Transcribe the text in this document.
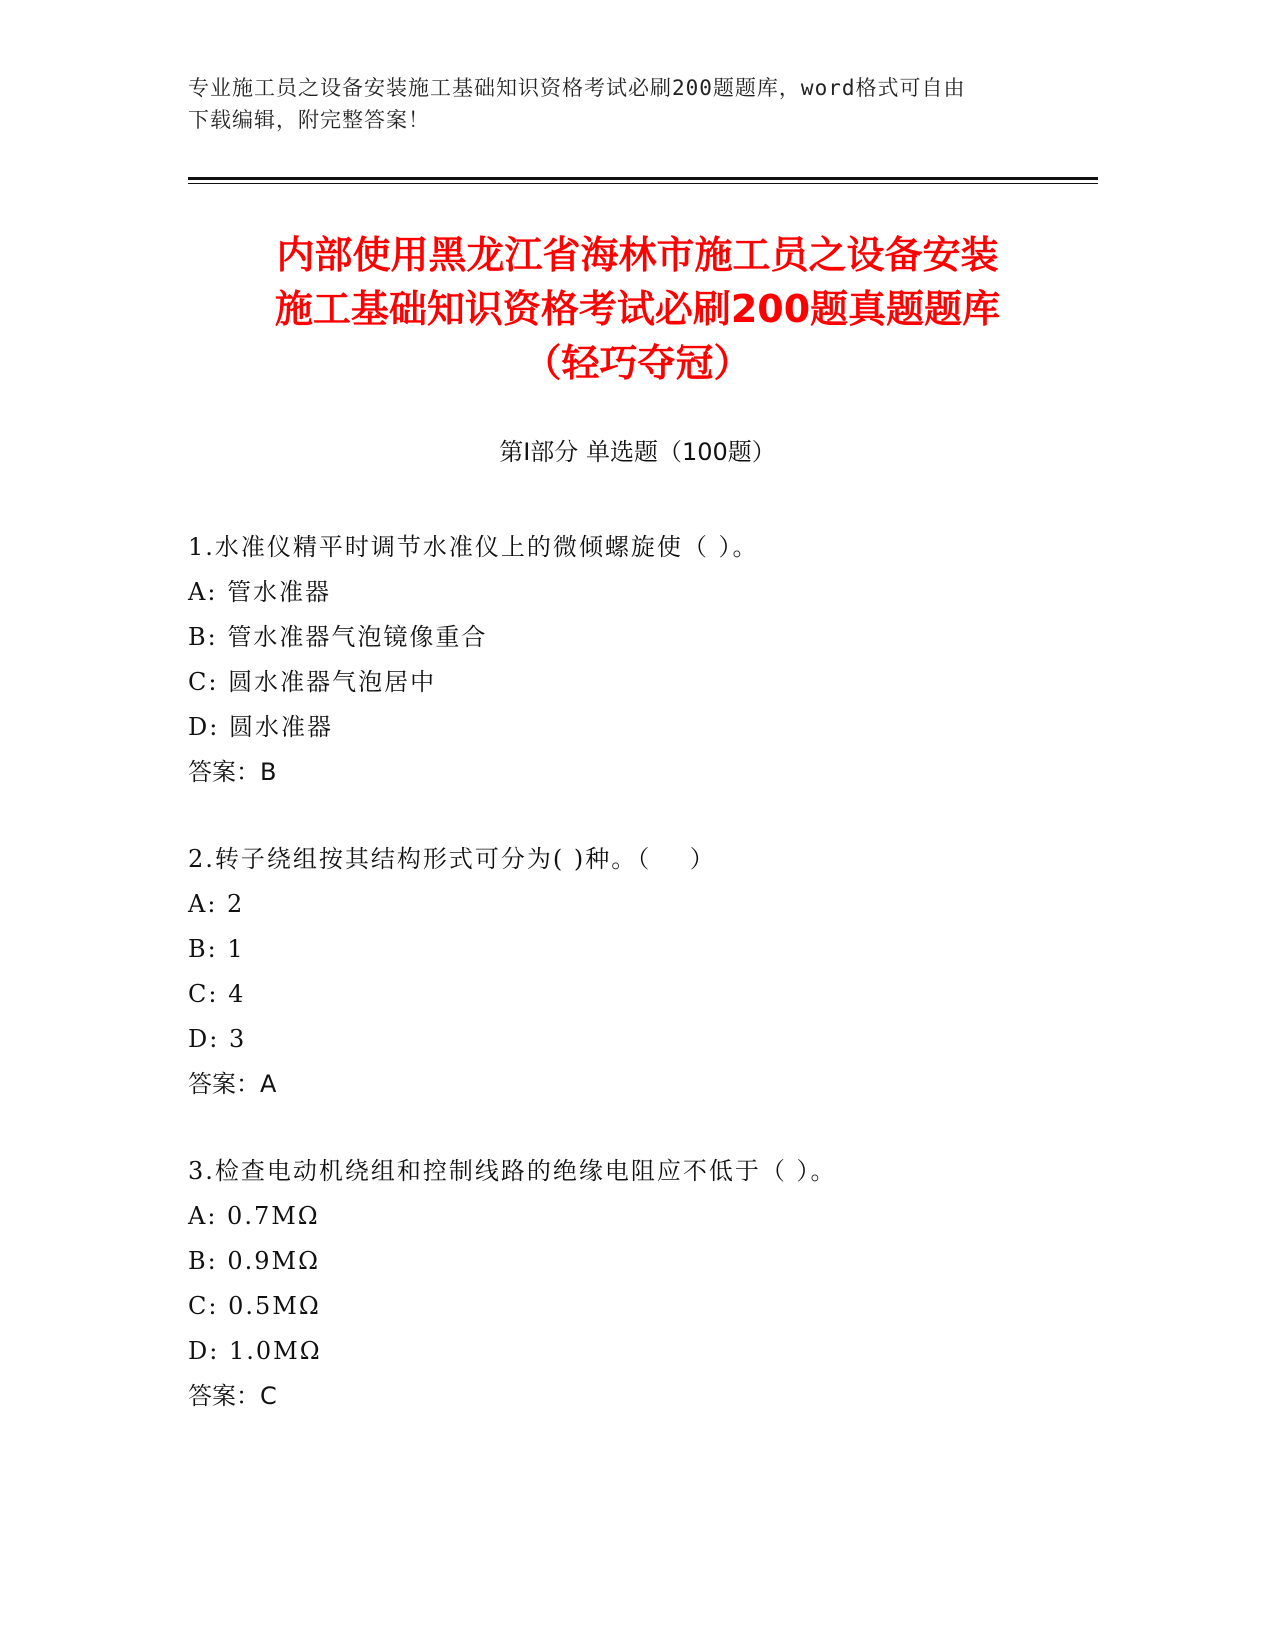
专业施工员之设备安装施工基础知识资格考试必刷200题题库，word格式可自由
下载编辑，附完整答案！
内部使用黑龙江省海林市施工员之设备安装
施工基础知识资格考试必刷200题真题题库
（轻巧夺冠）
第Ⅰ部分 单选题（100题）
1.水准仪精平时调节水准仪上的微倾螺旋使（ ）。
A: 管水准器
B: 管水准器气泡镜像重合
C: 圆水准器气泡居中
D: 圆水准器
答案：B
2.转子绕组按其结构形式可分为( )种。（    ）
A: 2
B: 1
C: 4
D: 3
答案：A
3.检查电动机绕组和控制线路的绝缘电阻应不低于（ ）。
A: 0.7MΩ
B: 0.9MΩ
C: 0.5MΩ
D: 1.0MΩ
答案：C
